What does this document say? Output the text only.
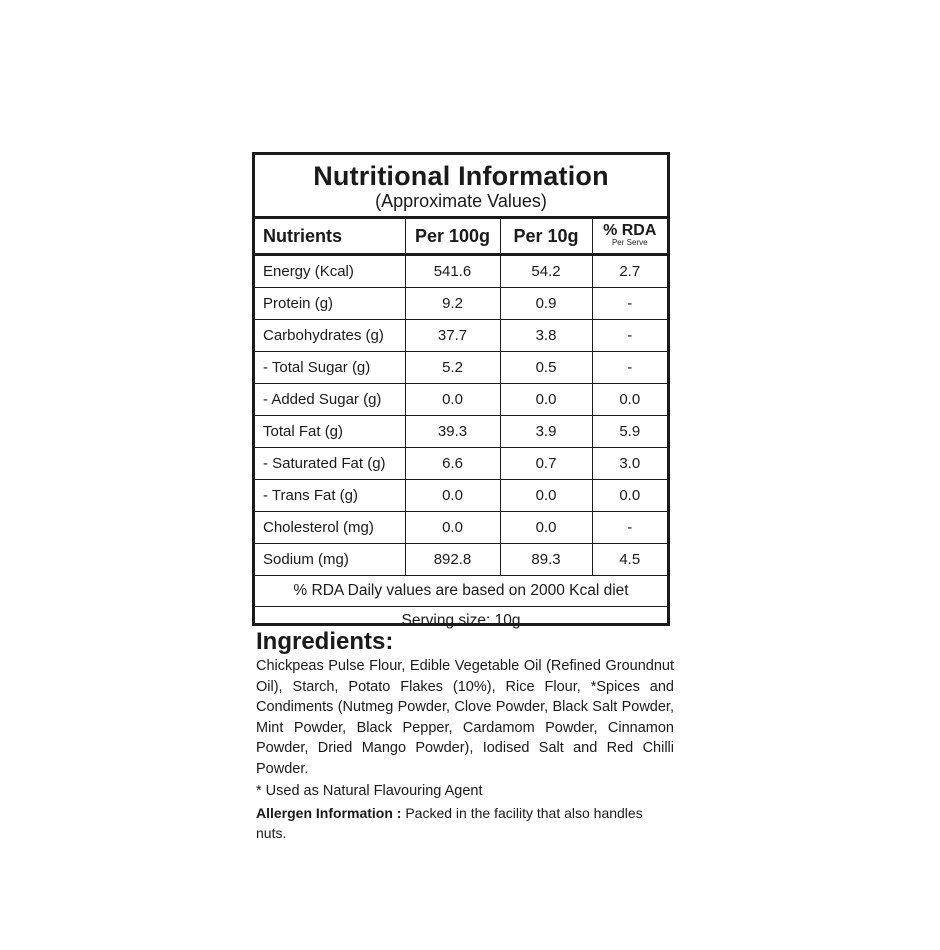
Nutritional Information
(Approximate Values)
Nutrients	Per 100g	Per 10g	% RDA
Per Serve

Energy (Kcal)	541.6	54.2	2.7
Protein (g)	9.2	0.9	-
Carbohydrates (g)	37.7	3.8	-
- Total Sugar (g)	5.2	0.5	-
- Added Sugar (g)	0.0	0.0	0.0
Total Fat (g)	39.3	3.9	5.9
- Saturated Fat (g)	6.6	0.7	3.0
- Trans Fat (g)	0.0	0.0	0.0
Cholesterol (mg)	0.0	0.0	-
Sodium (mg)	892.8	89.3	4.5
% RDA Daily values are based on 2000 Kcal diet			
Serving size: 10g			
Ingredients:

Chickpeas Pulse Flour, Edible Vegetable Oil (Refined Groundnut Oil), Starch, Potato Flakes (10%), Rice Flour, *Spices and Condiments (Nutmeg Powder, Clove Powder, Black Salt Powder, Mint Powder, Black Pepper, Cardamom Powder, Cinnamon Powder, Dried Mango Powder), Iodised Salt and Red Chilli Powder.

* Used as Natural Flavouring Agent

Allergen Information : Packed in the facility that also handles nuts.
